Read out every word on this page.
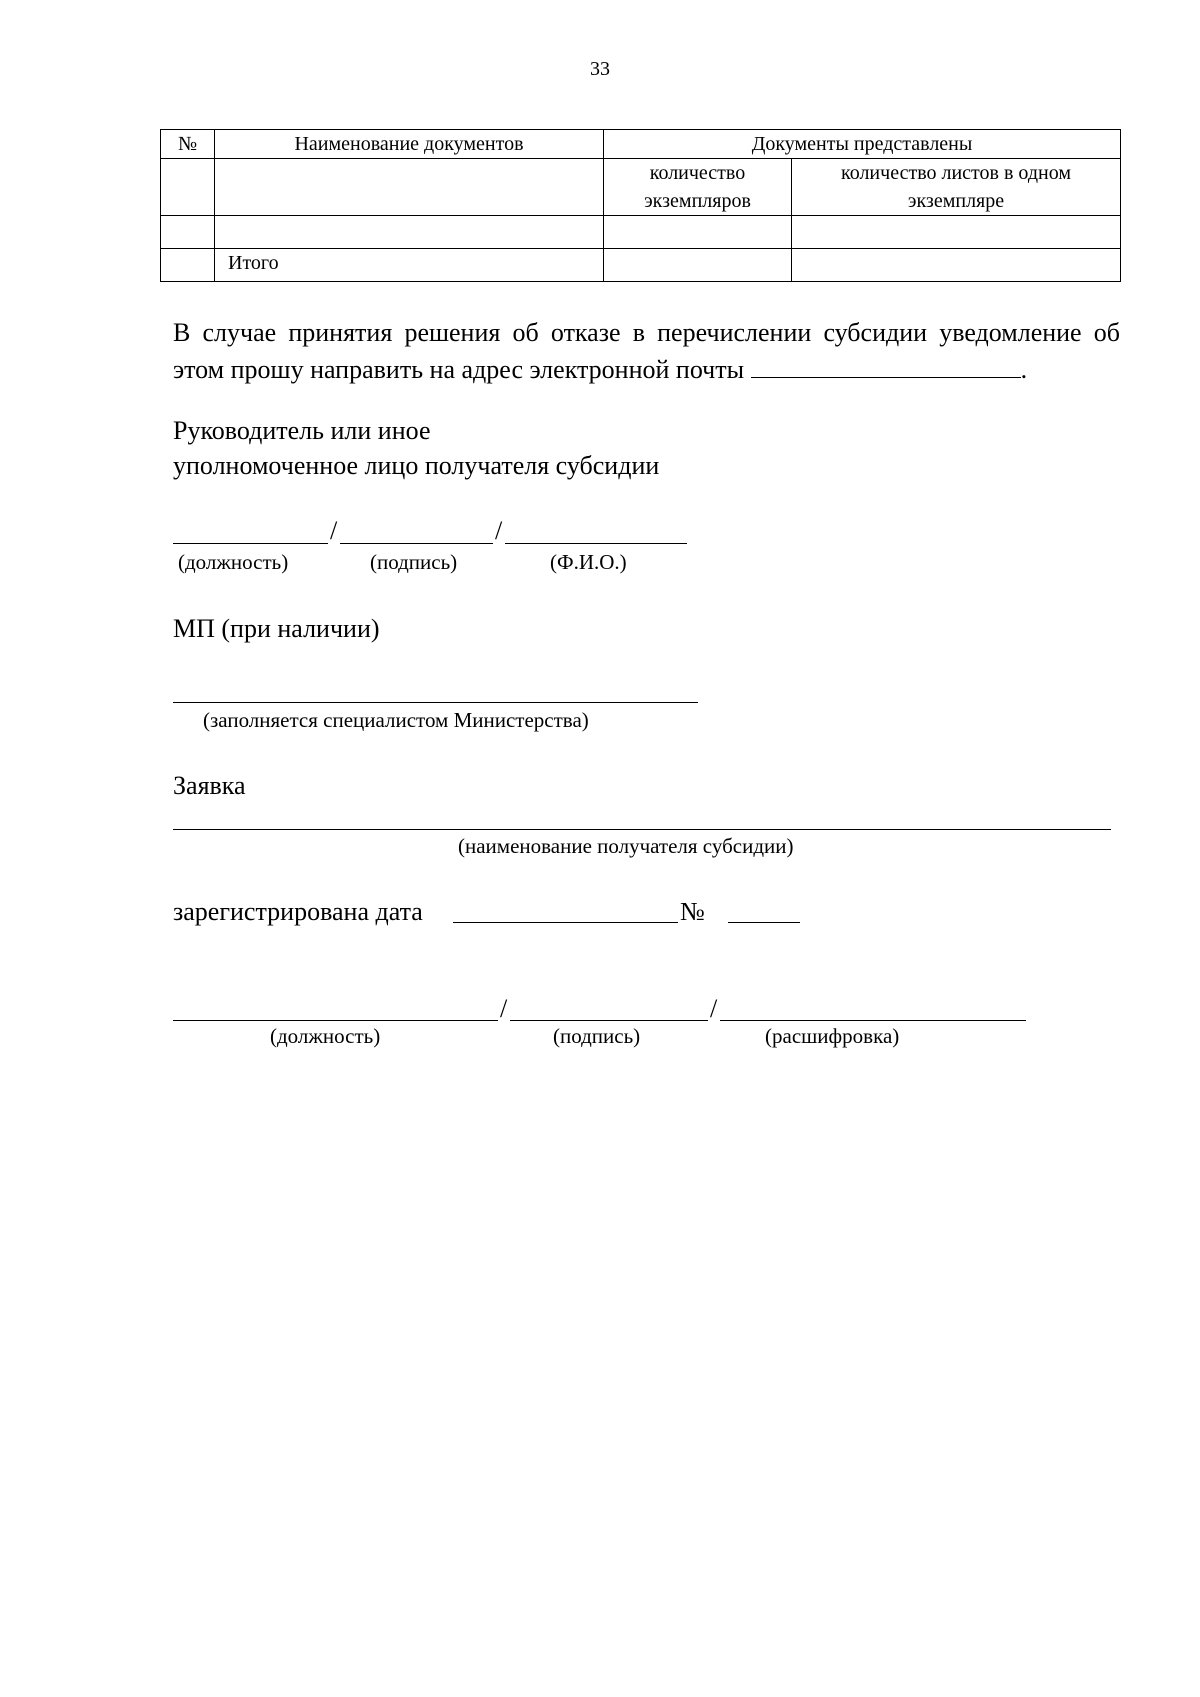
33
№	Наименование документов	Документы представлены	
		количество экземпляров	количество листов в одном экземпляре

	Итого		
В случае принятия решения об отказе в перечислении субсидии уведомление об этом прошу направить на адрес электронной почты	.
Руководитель или иное
уполномоченное лицо получателя субсидии
/	/
(должность)	(подпись)	(Ф.И.О.)
МП (при наличии)
(заполняется специалистом Министерства)
Заявка
(наименование получателя субсидии)
зарегистрирована дата	№
/	/
(должность)	(подпись)	(расшифровка)
